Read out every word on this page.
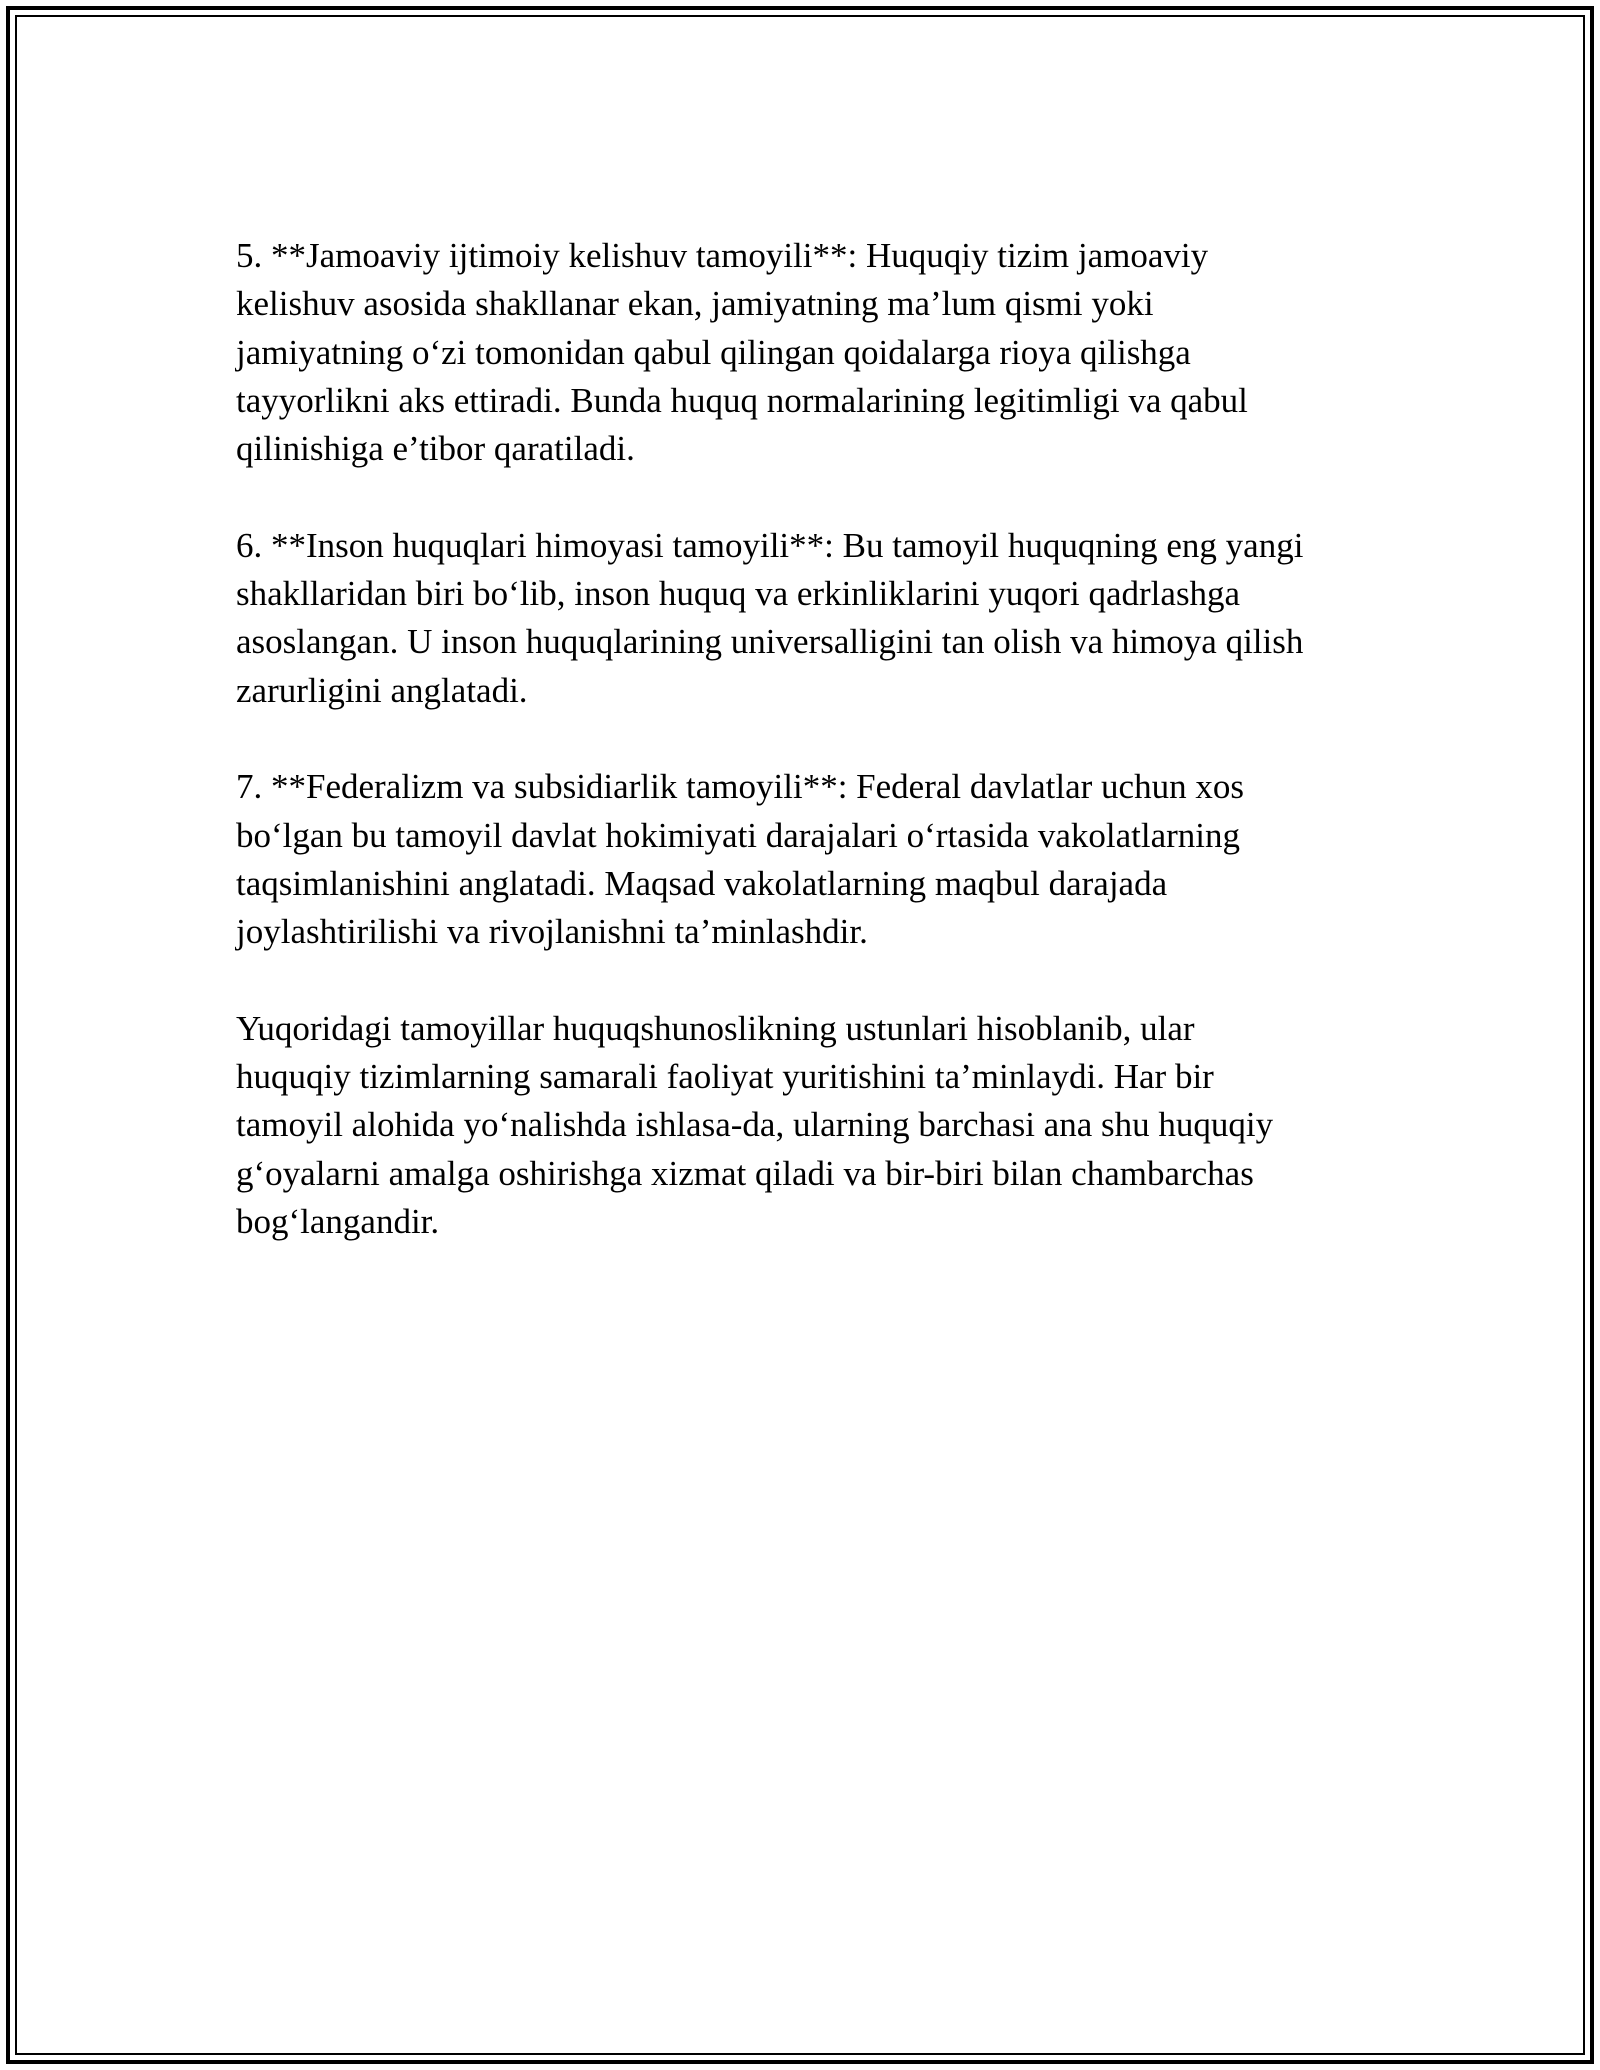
5. **Jamoaviy ijtimoiy kelishuv tamoyili**: Huquqiy tizim jamoaviy
kelishuv asosida shakllanar ekan, jamiyatning ma’lum qismi yoki
jamiyatning o‘zi tomonidan qabul qilingan qoidalarga rioya qilishga
tayyorlikni aks ettiradi. Bunda huquq normalarining legitimligi va qabul
qilinishiga e’tibor qaratiladi.

6. **Inson huquqlari himoyasi tamoyili**: Bu tamoyil huquqning eng yangi
shakllaridan biri bo‘lib, inson huquq va erkinliklarini yuqori qadrlashga
asoslangan. U inson huquqlarining universalligini tan olish va himoya qilish
zarurligini anglatadi.

7. **Federalizm va subsidiarlik tamoyili**: Federal davlatlar uchun xos
bo‘lgan bu tamoyil davlat hokimiyati darajalari o‘rtasida vakolatlarning
taqsimlanishini anglatadi. Maqsad vakolatlarning maqbul darajada
joylashtirilishi va rivojlanishni ta’minlashdir.

Yuqoridagi tamoyillar huquqshunoslikning ustunlari hisoblanib, ular
huquqiy tizimlarning samarali faoliyat yuritishini ta’minlaydi. Har bir
tamoyil alohida yo‘nalishda ishlasa-da, ularning barchasi ana shu huquqiy
g‘oyalarni amalga oshirishga xizmat qiladi va bir-biri bilan chambarchas
bog‘langandir.
